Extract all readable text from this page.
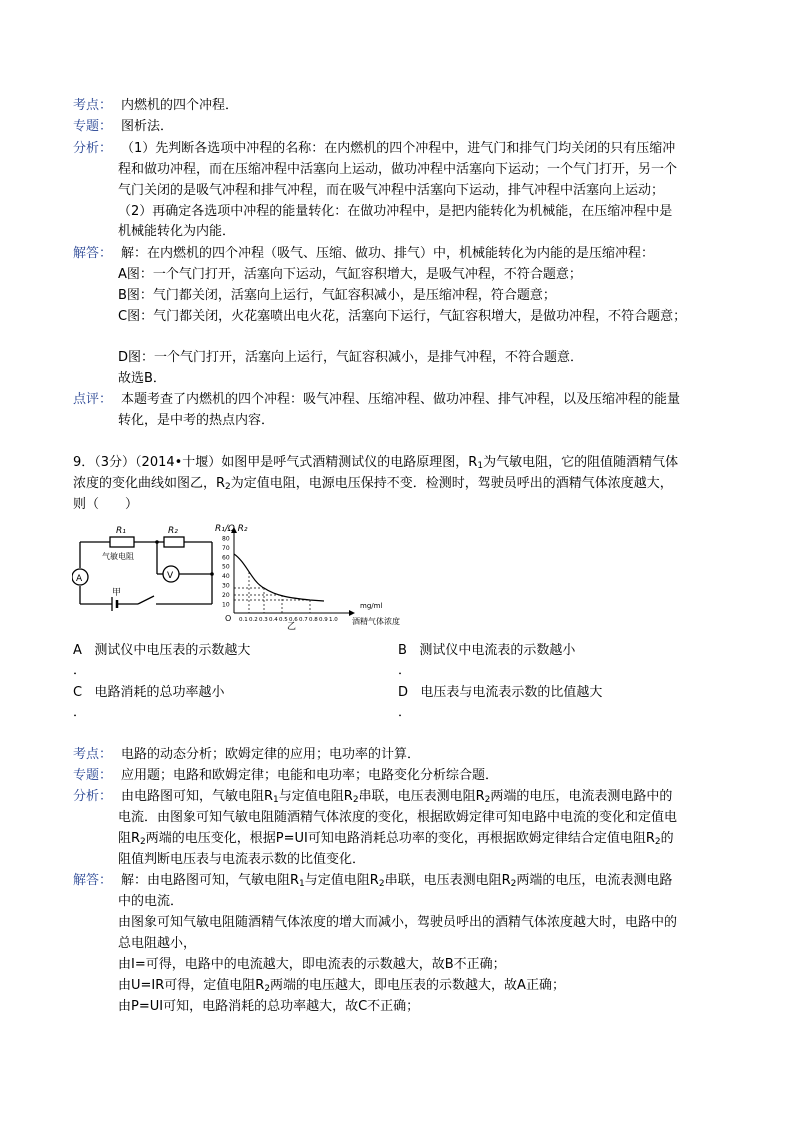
考点： 内燃机的四个冲程．
专题： 图析法．
分析： （1）先判断各选项中冲程的名称：在内燃机的四个冲程中，进气门和排气门均关闭的只有压缩冲
程和做功冲程，而在压缩冲程中活塞向上运动，做功冲程中活塞向下运动；一个气门打开，另一个
气门关闭的是吸气冲程和排气冲程，而在吸气冲程中活塞向下运动，排气冲程中活塞向上运动；
（2）再确定各选项中冲程的能量转化：在做功冲程中，是把内能转化为机械能，在压缩冲程中是
机械能转化为内能．
解答： 解：在内燃机的四个冲程（吸气、压缩、做功、排气）中，机械能转化为内能的是压缩冲程：
A图：一个气门打开，活塞向下运动，气缸容积增大，是吸气冲程，不符合题意；
B图：气门都关闭，活塞向上运行，气缸容积减小，是压缩冲程，符合题意；
C图：气门都关闭，火花塞喷出电火花，活塞向下运行，气缸容积增大，是做功冲程，不符合题意；
D图：一个气门打开，活塞向上运行，气缸容积减小，是排气冲程，不符合题意．
故选B．
点评： 本题考查了内燃机的四个冲程：吸气冲程、压缩冲程、做功冲程、排气冲程，以及压缩冲程的能量
转化，是中考的热点内容．
9．（3分）（2014•十堰）如图甲是呼气式酒精测试仪的电路原理图，$R_1$为气敏电阻，它的阻值随酒精气体
浓度的变化曲线如图乙，$R_2$为定值电阻，电源电压保持不变．检测时，驾驶员呼出的酒精气体浓度越大，
则（　　）
R₁	R₂
气敏电阻
V
A
甲
R₁/Ω R₂
O
80
70
60
50
40
30
20
10
0.1 0.2 0.3 0.4 0.5 0.6 0.7 0.8 0.9 1.0
mg/ml
酒精气体浓度
乙
A 测试仪中电压表的示数越大
．
B 测试仪中电流表的示数越小
．
C 电路消耗的总功率越小
．
D 电压表与电流表示数的比值越大
．
考点： 电路的动态分析；欧姆定律的应用；电功率的计算．
专题： 应用题；电路和欧姆定律；电能和电功率；电路变化分析综合题．
分析： 由电路图可知，气敏电阻$R_1$与定值电阻$R_2$串联，电压表测电阻$R_2$两端的电压，电流表测电路中的
电流．由图象可知气敏电阻随酒精气体浓度的变化，根据欧姆定律可知电路中电流的变化和定值电
阻$R_2$两端的电压变化，根据P=UI可知电路消耗总功率的变化，再根据欧姆定律结合定值电阻$R_2$的
阻值判断电压表与电流表示数的比值变化．
解答： 解：由电路图可知，气敏电阻$R_1$与定值电阻$R_2$串联，电压表测电阻$R_2$两端的电压，电流表测电路
中的电流．
由图象可知气敏电阻随酒精气体浓度的增大而减小，驾驶员呼出的酒精气体浓度越大时，电路中的
总电阻越小，
由I=可得，电路中的电流越大，即电流表的示数越大，故B不正确；
由U=IR可得，定值电阻$R_2$两端的电压越大，即电压表的示数越大，故A正确；
由P=UI可知，电路消耗的总功率越大，故C不正确；
